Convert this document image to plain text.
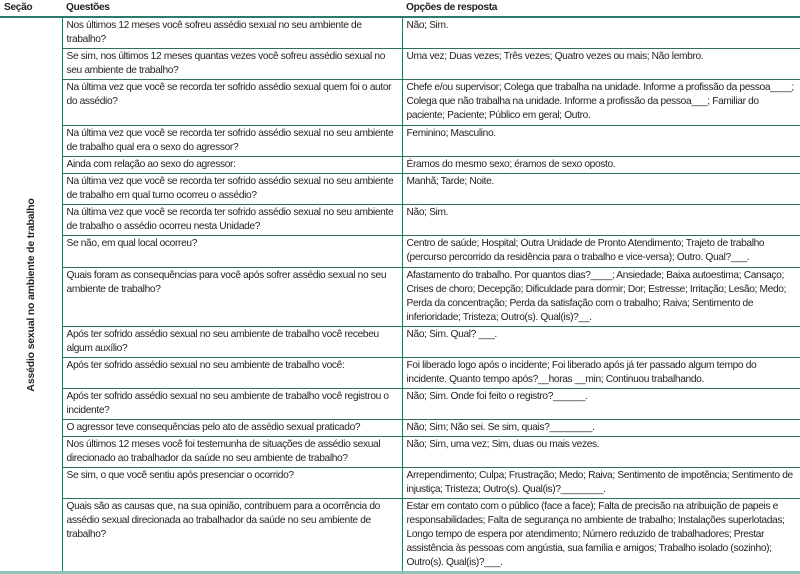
Seção	Questões	Opções de resposta

Assédio sexual no ambiente de trabalho	Nos últimos 12 meses você sofreu assédio sexual no seu ambiente de trabalho?	Não; Sim.
	Se sim, nos últimos 12 meses quantas vezes você sofreu assédio sexual no seu ambiente de trabalho?	Uma vez; Duas vezes; Três vezes; Quatro vezes ou mais; Não lembro.
	Na última vez que você se recorda ter sofrido assédio sexual quem foi o autor do assédio?	Chefe e/ou supervisor; Colega que trabalha na unidade. Informe a profissão da pessoa____; Colega que não trabalha na unidade. Informe a profissão da pessoa___; Familiar do paciente; Paciente; Público em geral; Outro.
	Na última vez que você se recorda ter sofrido assédio sexual no seu ambiente de trabalho qual era o sexo do agressor?	Feminino; Masculino.
	Ainda com relação ao sexo do agressor:	Éramos do mesmo sexo; éramos de sexo oposto.
	Na última vez que você se recorda ter sofrido assédio sexual no seu ambiente de trabalho em qual turno ocorreu o assédio?	Manhã; Tarde; Noite.
	Na última vez que você se recorda ter sofrido assédio sexual no seu ambiente de trabalho o assédio ocorreu nesta Unidade?	Não; Sim.
	Se não, em qual local ocorreu?	Centro de saúde; Hospital; Outra Unidade de Pronto Atendimento; Trajeto de trabalho (percurso percorrido da residência para o trabalho e vice-versa); Outro. Qual?___.
	Quais foram as consequências para você após sofrer assédio sexual no seu ambiente de trabalho?	Afastamento do trabalho. Por quantos dias?____; Ansiedade; Baixa autoestima; Cansaço; Crises de choro; Decepção; Dificuldade para dormir; Dor; Estresse; Irritação; Lesão; Medo; Perda da concentração; Perda da satisfação com o trabalho; Raiva; Sentimento de inferioridade; Tristeza; Outro(s). Qual(is)?__.
	Após ter sofrido assédio sexual no seu ambiente de trabalho você recebeu algum auxílio?	Não; Sim. Qual? ___.
	Após ter sofrido assédio sexual no seu ambiente de trabalho você:	Foi liberado logo após o incidente; Foi liberado após já ter passado algum tempo do incidente. Quanto tempo após?__horas __min; Continuou trabalhando.
	Após ter sofrido assédio sexual no seu ambiente de trabalho você registrou o incidente?	Não; Sim. Onde foi feito o registro?______.
	O agressor teve consequências pelo ato de assédio sexual praticado?	Não; Sim; Não sei. Se sim, quais?________.
	Nos últimos 12 meses você foi testemunha de situações de assédio sexual direcionado ao trabalhador da saúde no seu ambiente de trabalho?	Não; Sim, uma vez; Sim, duas ou mais vezes.
	Se sim, o que você sentiu após presenciar o ocorrido?	Arrependimento; Culpa; Frustração; Medo; Raiva; Sentimento de impotência; Sentimento de injustiça; Tristeza; Outro(s). Qual(is)?________.
	Quais são as causas que, na sua opinião, contribuem para a ocorrência do assédio sexual direcionada ao trabalhador da saúde no seu ambiente de trabalho?	Estar em contato com o público (face a face); Falta de precisão na atribuição de papeis e responsabilidades; Falta de segurança no ambiente de trabalho; Instalações superlotadas; Longo tempo de espera por atendimento; Número reduzido de trabalhadores; Prestar assistência às pessoas com angústia, sua família e amigos; Trabalho isolado (sozinho); Outro(s). Qual(is)?___.
